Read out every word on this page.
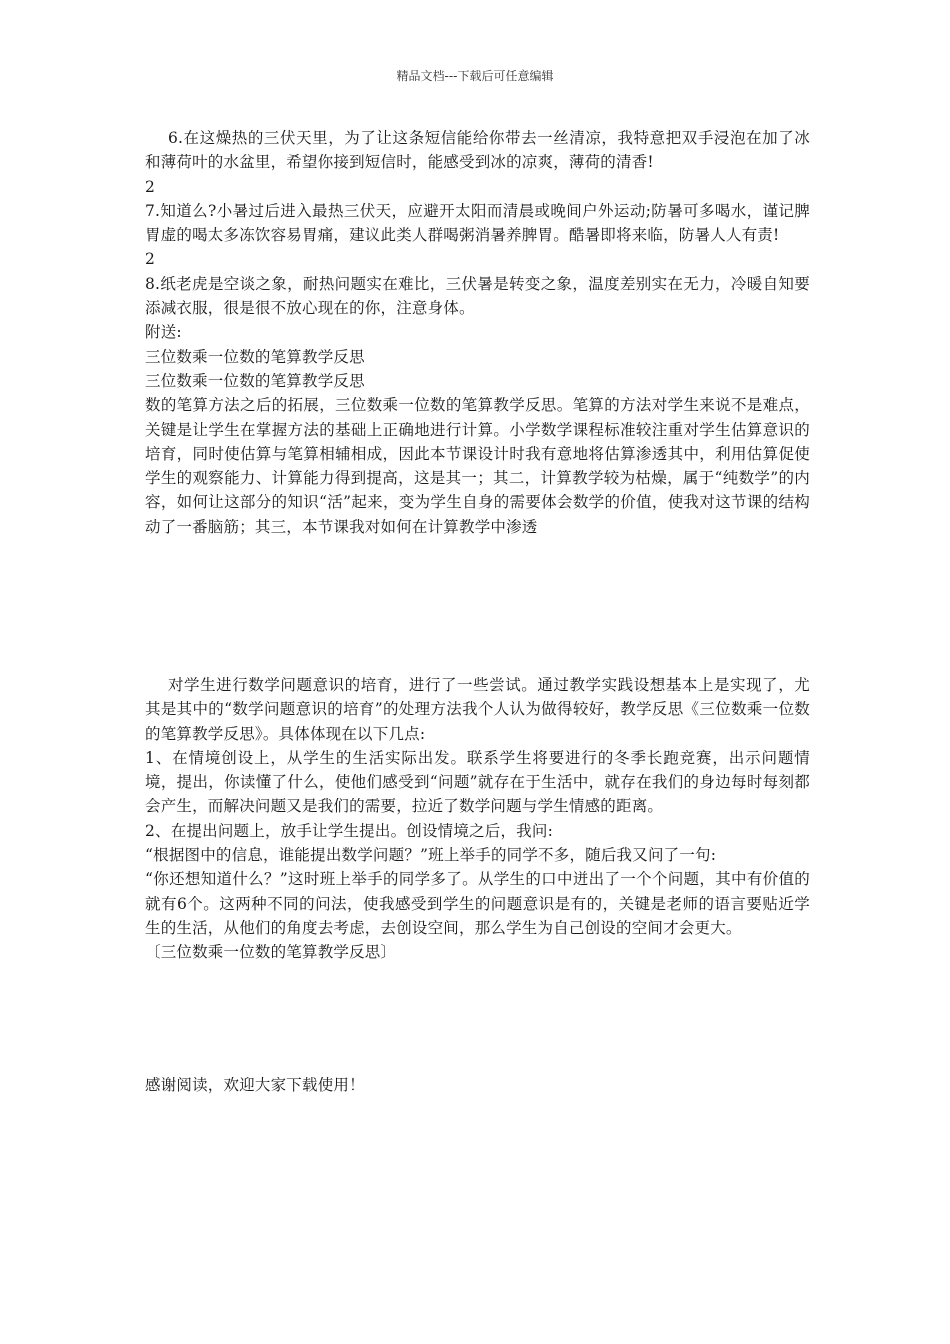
精品文档---下载后可任意编辑

6.在这燥热的三伏天里，为了让这条短信能给你带去一丝清凉，我特意把双手浸泡在加了冰和薄荷叶的水盆里，希望你接到短信时，能感受到冰的凉爽，薄荷的清香!

2

7.知道么?小暑过后进入最热三伏天，应避开太阳而清晨或晚间户外运动;防暑可多喝水，谨记脾胃虚的喝太多冻饮容易胃痛，建议此类人群喝粥消暑养脾胃。酷暑即将来临，防暑人人有责!

2

8.纸老虎是空谈之象，耐热问题实在难比，三伏暑是转变之象，温度差别实在无力，冷暖自知要添减衣服，很是很不放心现在的你，注意身体。

附送:

三位数乘一位数的笔算教学反思

三位数乘一位数的笔算教学反思

数的笔算方法之后的拓展，三位数乘一位数的笔算教学反思。笔算的方法对学生来说不是难点，关键是让学生在掌握方法的基础上正确地进行计算。小学数学课程标准较注重对学生估算意识的培育，同时使估算与笔算相辅相成，因此本节课设计时我有意地将估算渗透其中，利用估算促使学生的观察能力、计算能力得到提高，这是其一；其二，计算教学较为枯燥，属于“纯数学”的内容，如何让这部分的知识“活”起来，变为学生自身的需要体会数学的价值，使我对这节课的结构动了一番脑筋；其三，本节课我对如何在计算教学中渗透

对学生进行数学问题意识的培育，进行了一些尝试。通过教学实践设想基本上是实现了，尤其是其中的“数学问题意识的培育”的处理方法我个人认为做得较好，教学反思《三位数乘一位数的笔算教学反思》。具体体现在以下几点:

1、在情境创设上，从学生的生活实际出发。联系学生将要进行的冬季长跑竞赛，出示问题情境，提出，你读懂了什么，使他们感受到“问题”就存在于生活中，就存在我们的身边每时每刻都会产生，而解决问题又是我们的需要，拉近了数学问题与学生情感的距离。

2、在提出问题上，放手让学生提出。创设情境之后，我问:

“根据图中的信息，谁能提出数学问题？”班上举手的同学不多，随后我又问了一句:

“你还想知道什么？”这时班上举手的同学多了。从学生的口中迸出了一个个问题，其中有价值的就有6个。这两种不同的问法，使我感受到学生的问题意识是有的，关键是老师的语言要贴近学生的生活，从他们的角度去考虑，去创设空间，那么学生为自己创设的空间才会更大。

〔三位数乘一位数的笔算教学反思〕

感谢阅读，欢迎大家下载使用！
